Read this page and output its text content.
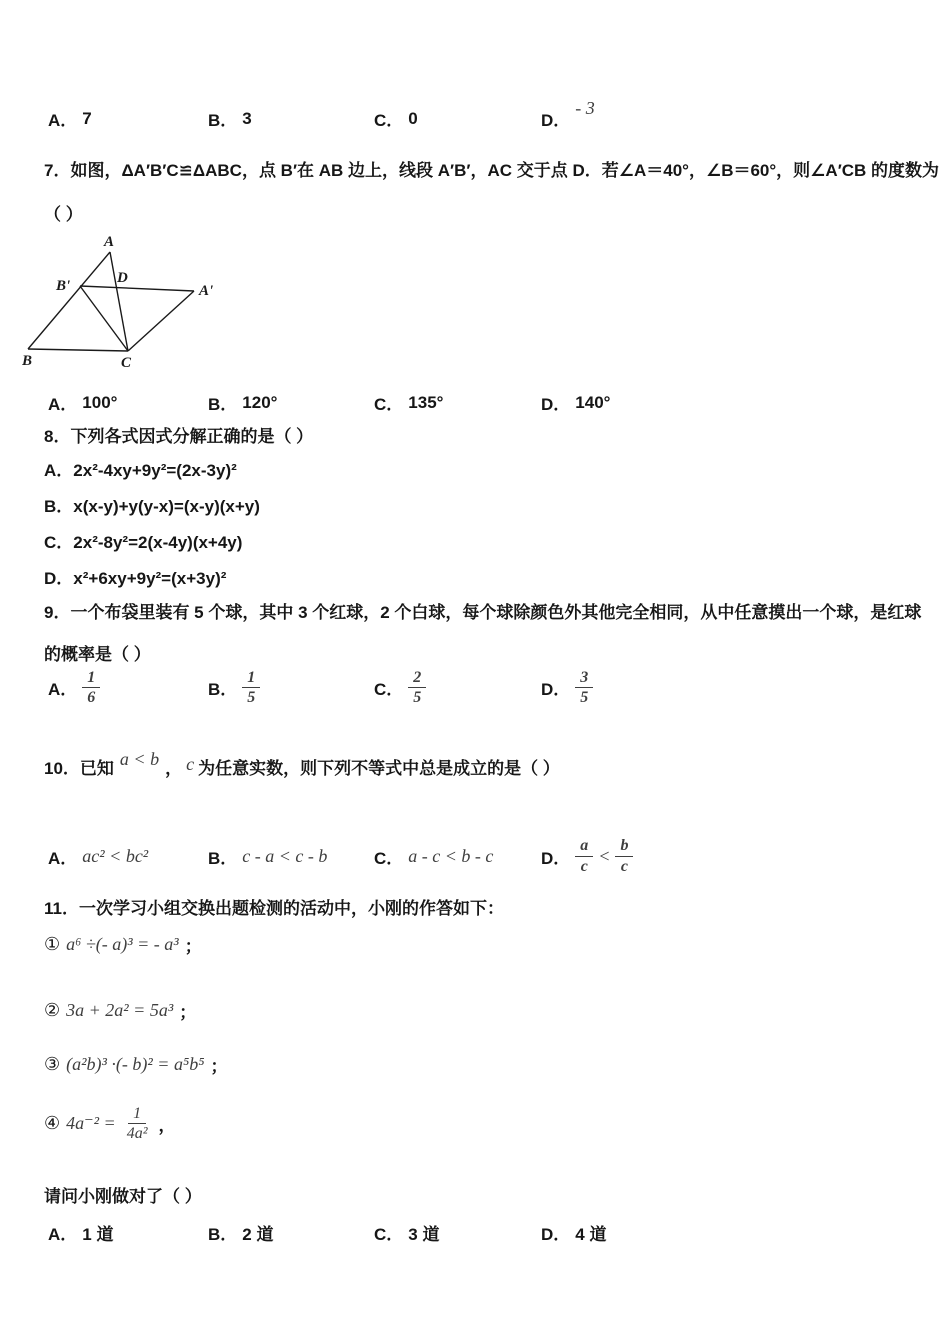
A． 7	B． 3	C． 0	D．
- 3
7．如图，ΔA′B′C≌ΔABC，点 B′在 AB 边上，线段 A′B′，AC 交于点 D．若∠A＝40°，∠B＝60°，则∠A′CB 的度数为
（ ）
A
B'	D
A'
B	C
A． 100°	B． 120°	C． 135°	D． 140°
8．下列各式因式分解正确的是（ ）
A．2x²-4xy+9y²=(2x-3y)²
B．x(x-y)+y(y-x)=(x-y)(x+y)
C．2x²-8y²=2(x-4y)(x+4y)
D．x²+6xy+9y²=(x+3y)²
9．一个布袋里装有 5 个球，其中 3 个红球，2 个白球，每个球除颜色外其他完全相同，从中任意摸出一个球，是红球
的概率是（ ）
A． $\frac{1}{6}$	B． $\frac{1}{5}$	C． $\frac{2}{5}$	D． $\frac{3}{5}$
10．已知 a < b ， c 为任意实数，则下列不等式中总是成立的是（ ）
A． ac² < bc²	B． c - a < c - b	C． a - c < b - c	D． $\frac{a}{c} < \frac{b}{c}$
11．一次学习小组交换出题检测的活动中，小刚的作答如下：
① a⁶ ÷(- a)³ = - a³ ；
② 3a + 2a² = 5a³ ；
③ (a²b)³ ·(- b)² = a⁵b⁵ ；
④ $4a^{-2} = \frac{1}{\text{4a²}}$ ，
请问小刚做对了（ ）
A． 1 道	B． 2 道	C． 3 道	D． 4 道
